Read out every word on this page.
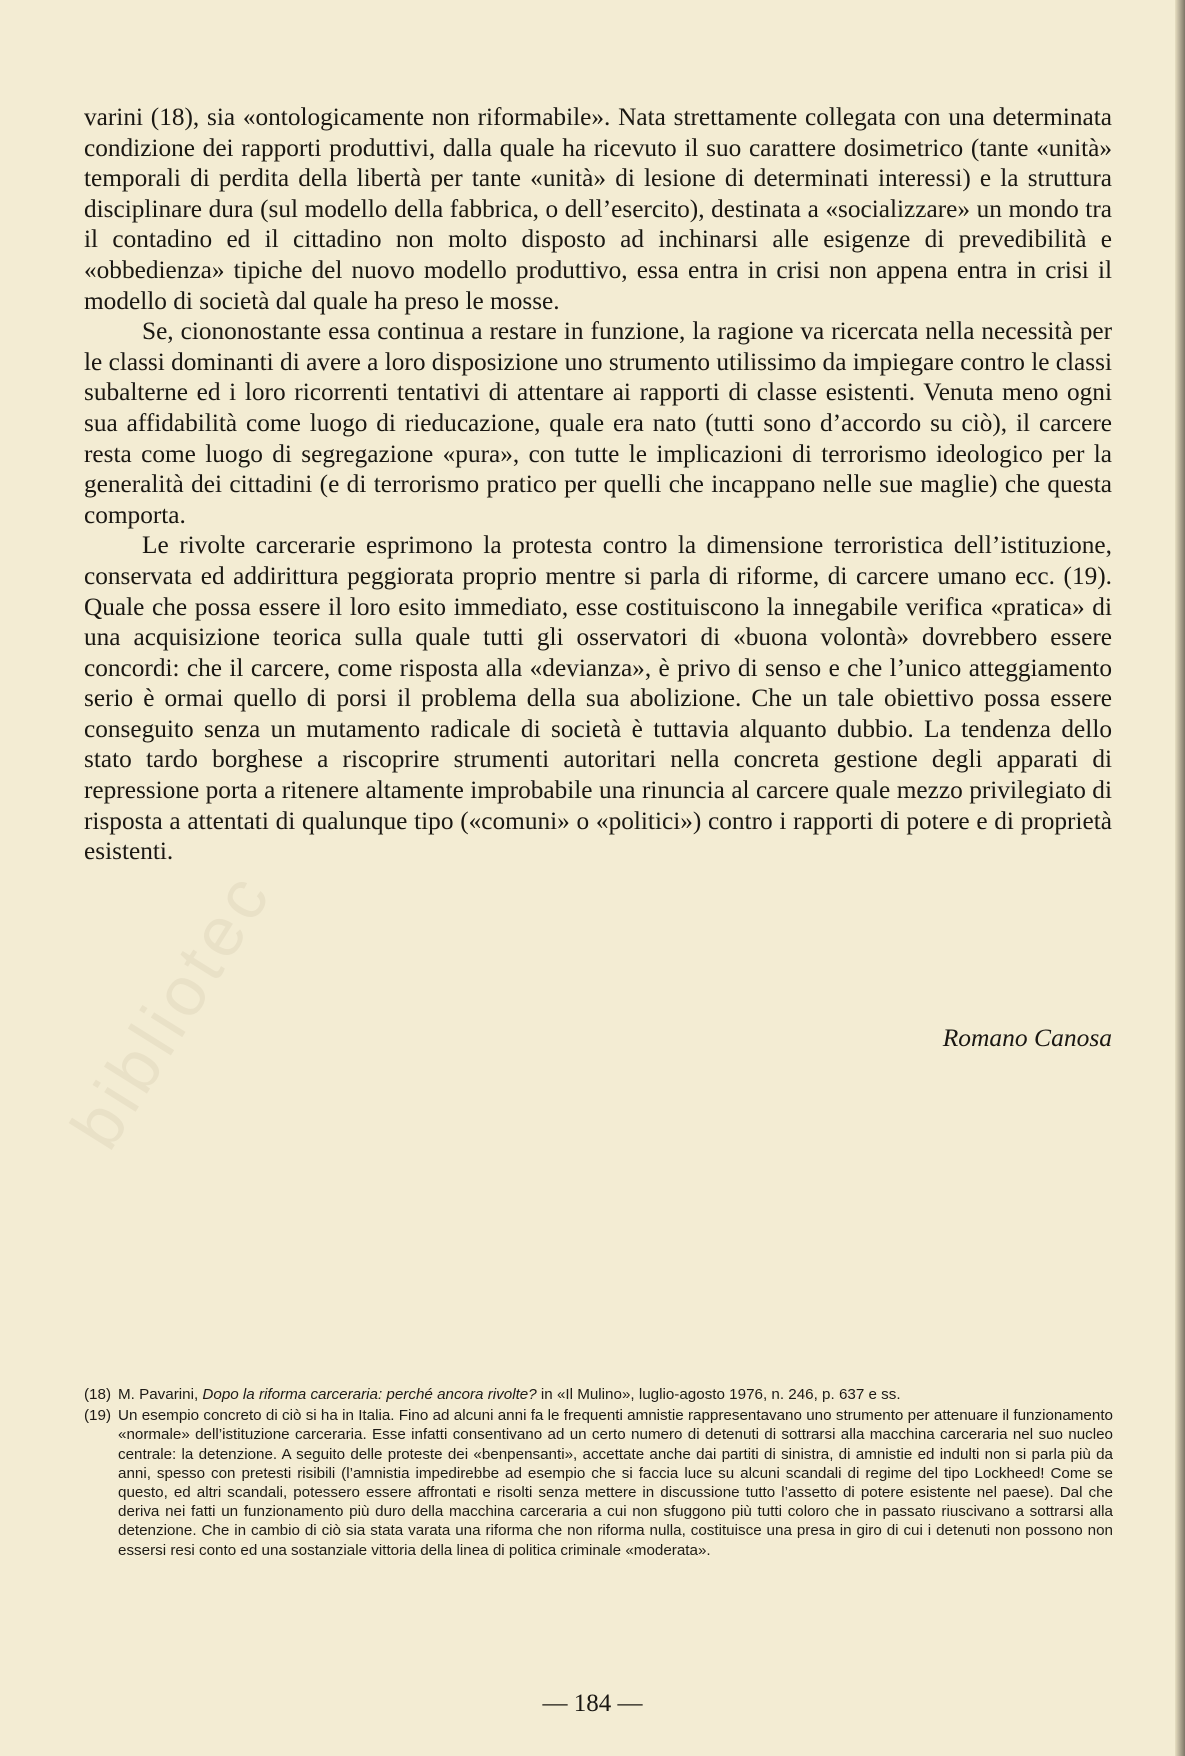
bibliotec

varini (18), sia «ontologicamente non riformabile». Nata strettamente collegata con una determinata condizione dei rapporti produttivi, dalla quale ha ricevuto il suo carattere dosimetrico (tante «unità» temporali di perdita della libertà per tante «unità» di lesione di determinati interessi) e la struttura disciplinare dura (sul modello della fabbrica, o dell’esercito), destinata a «socializzare» un mondo tra il contadino ed il cittadino non molto disposto ad inchinarsi alle esigenze di prevedibilità e «obbedienza» tipiche del nuovo modello produttivo, essa entra in crisi non appena entra in crisi il modello di società dal quale ha preso le mosse.

Se, ciononostante essa continua a restare in funzione, la ragione va ricercata nella necessità per le classi dominanti di avere a loro disposizione uno strumento utilissimo da impiegare contro le classi subalterne ed i loro ricorrenti tentativi di attentare ai rapporti di classe esistenti. Venuta meno ogni sua affidabilità come luogo di rieducazione, quale era nato (tutti sono d’accordo su ciò), il carcere resta come luogo di segregazione «pura», con tutte le implicazioni di terrorismo ideologico per la generalità dei cittadini (e di terrorismo pratico per quelli che incappano nelle sue maglie) che questa comporta.

Le rivolte carcerarie esprimono la protesta contro la dimensione terroristica dell’istituzione, conservata ed addirittura peggiorata proprio mentre si parla di riforme, di carcere umano ecc. (19). Quale che possa essere il loro esito immediato, esse costituiscono la innegabile verifica «pratica» di una acquisizione teorica sulla quale tutti gli osservatori di «buona volontà» dovrebbero essere concordi: che il carcere, come risposta alla «devianza», è privo di senso e che l’unico atteggiamento serio è ormai quello di porsi il problema della sua abolizione. Che un tale obiettivo possa essere conseguito senza un mutamento radicale di società è tuttavia alquanto dubbio. La tendenza dello stato tardo borghese a riscoprire strumenti autoritari nella concreta gestione degli apparati di repressione porta a ritenere altamente improbabile una rinuncia al carcere quale mezzo privilegiato di risposta a attentati di qualunque tipo («comuni» o «politici») contro i rapporti di potere e di proprietà esistenti.

Romano Canosa
(18) M. Pavarini, Dopo la riforma carceraria: perché ancora rivolte? in «Il Mulino», luglio-agosto 1976, n. 246, p. 637 e ss.
(19) Un esempio concreto di ciò si ha in Italia. Fino ad alcuni anni fa le frequenti amnistie rappresentavano uno strumento per attenuare il funzionamento «normale» dell’istituzione carceraria. Esse infatti consentivano ad un certo numero di detenuti di sottrarsi alla macchina carceraria nel suo nucleo centrale: la detenzione. A seguito delle proteste dei «benpensanti», accettate anche dai partiti di sinistra, di amnistie ed indulti non si parla più da anni, spesso con pretesti risibili (l’amnistia impedirebbe ad esempio che si faccia luce su alcuni scandali di regime del tipo Lockheed! Come se questo, ed altri scandali, potessero essere affrontati e risolti senza mettere in discussione tutto l’assetto di potere esistente nel paese). Dal che deriva nei fatti un funzionamento più duro della macchina carceraria a cui non sfuggono più tutti coloro che in passato riuscivano a sottrarsi alla detenzione. Che in cambio di ciò sia stata varata una riforma che non riforma nulla, costituisce una presa in giro di cui i detenuti non possono non essersi resi conto ed una sostanziale vittoria della linea di politica criminale «moderata».
— 184 —
